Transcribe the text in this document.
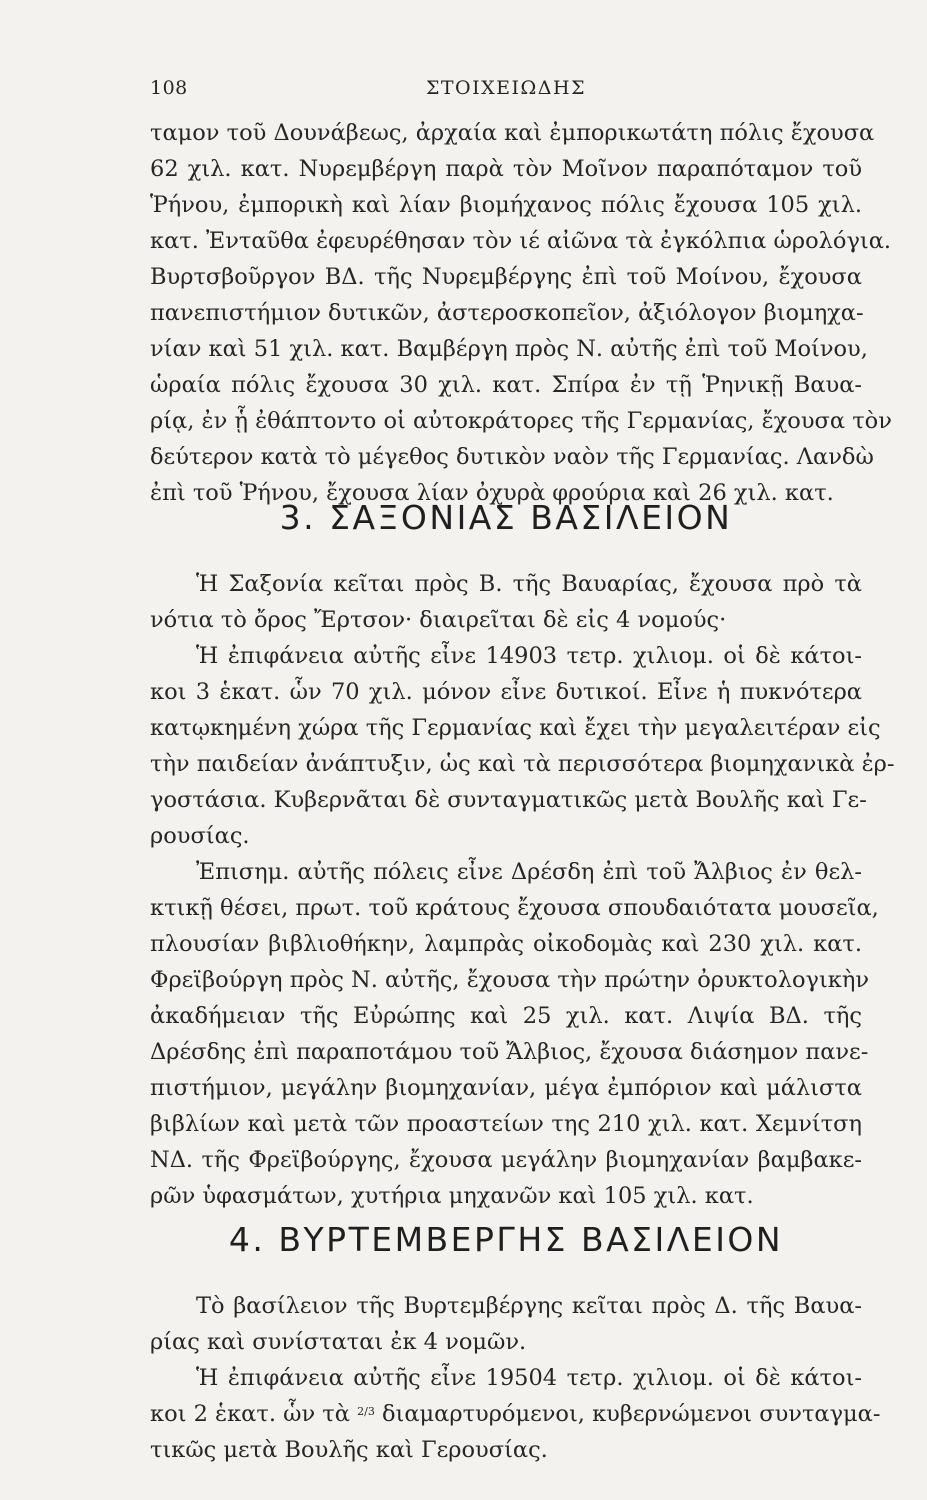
108	ΣΤΟΙΧΕΙΩΔΗΣ
ταμον τοῦ Δουνάβεως, ἀρχαία καὶ ἐμπορικωτάτη πόλις ἔχουσα
62 χιλ. κατ. Νυρεμβέργη παρὰ τὸν Μοῖνον παραπόταμον τοῦ
Ῥήνου, ἐμπορικὴ καὶ λίαν βιομήχανος πόλις ἔχουσα 105 χιλ.
κατ. Ἐνταῦθα ἐφευρέθησαν τὸν ιέ αἰῶνα τὰ ἐγκόλπια ὡρολόγια.
Βυρτσβοῦργον ΒΔ. τῆς Νυρεμβέργης ἐπὶ τοῦ Μοίνου, ἔχουσα
πανεπιστήμιον δυτικῶν, ἀστεροσκοπεῖον, ἀξιόλογον βιομηχα-
νίαν καὶ 51 χιλ. κατ. Βαμβέργη πρὸς Ν. αὐτῆς ἐπὶ τοῦ Μοίνου,
ὡραία πόλις ἔχουσα 30 χιλ. κατ. Σπίρα ἐν τῇ Ῥηνικῇ Βαυα-
ρίᾳ, ἐν ᾗ ἐθάπτοντο οἱ αὐτοκράτορες τῆς Γερμανίας, ἔχουσα τὸν
δεύτερον κατὰ τὸ μέγεθος δυτικὸν ναὸν τῆς Γερμανίας. Λανδὼ
ἐπὶ τοῦ Ῥήνου, ἔχουσα λίαν ὀχυρὰ φρούρια καὶ 26 χιλ. κατ.
3. ΣΑΞΟΝΙΑΣ ΒΑΣΙΛΕΙΟΝ
Ἡ Σαξονία κεῖται πρὸς Β. τῆς Βαυαρίας, ἔχουσα πρὸ τὰ
νότια τὸ ὄρος Ἔρτσον· διαιρεῖται δὲ εἰς 4 νομούς·
Ἡ ἐπιφάνεια αὐτῆς εἶνε 14903 τετρ. χιλιομ. οἱ δὲ κάτοι-
κοι 3 ἑκατ. ὧν 70 χιλ. μόνον εἶνε δυτικοί. Εἶνε ἡ πυκνότερα
κατῳκημένη χώρα τῆς Γερμανίας καὶ ἔχει τὴν μεγαλειτέραν εἰς
τὴν παιδείαν ἀνάπτυξιν, ὡς καὶ τὰ περισσότερα βιομηχανικὰ ἐρ-
γοστάσια. Κυβερνᾶται δὲ συνταγματικῶς μετὰ Βουλῆς καὶ Γε-
ρουσίας.
Ἐπισημ. αὐτῆς πόλεις εἶνε Δρέσδη ἐπὶ τοῦ Ἄλβιος ἐν θελ-
κτικῇ θέσει, πρωτ. τοῦ κράτους ἔχουσα σπουδαιότατα μουσεῖα,
πλουσίαν βιβλιοθήκην, λαμπρὰς οἰκοδομὰς καὶ 230 χιλ. κατ.
Φρεϊβούργη πρὸς Ν. αὐτῆς, ἔχουσα τὴν πρώτην ὀρυκτολογικὴν
ἀκαδήμειαν τῆς Εὐρώπης καὶ 25 χιλ. κατ. Λιψία ΒΔ. τῆς
Δρέσδης ἐπὶ παραποτάμου τοῦ Ἄλβιος, ἔχουσα διάσημον πανε-
πιστήμιον, μεγάλην βιομηχανίαν, μέγα ἐμπόριον καὶ μάλιστα
βιβλίων καὶ μετὰ τῶν προαστείων της 210 χιλ. κατ. Χεμνίτση
ΝΔ. τῆς Φρεϊβούργης, ἔχουσα μεγάλην βιομηχανίαν βαμβακε-
ρῶν ὑφασμάτων, χυτήρια μηχανῶν καὶ 105 χιλ. κατ.
4. ΒΥΡΤΕΜΒΕΡΓΗΣ ΒΑΣΙΛΕΙΟΝ
Τὸ βασίλειον τῆς Βυρτεμβέργης κεῖται πρὸς Δ. τῆς Βαυα-
ρίας καὶ συνίσταται ἐκ 4 νομῶν.
Ἡ ἐπιφάνεια αὐτῆς εἶνε 19504 τετρ. χιλιομ. οἱ δὲ κάτοι-
κοι 2 ἑκατ. ὧν τὰ $^{2/3}$ διαμαρτυρόμενοι, κυβερνώμενοι συνταγμα-
τικῶς μετὰ Βουλῆς καὶ Γερουσίας.
